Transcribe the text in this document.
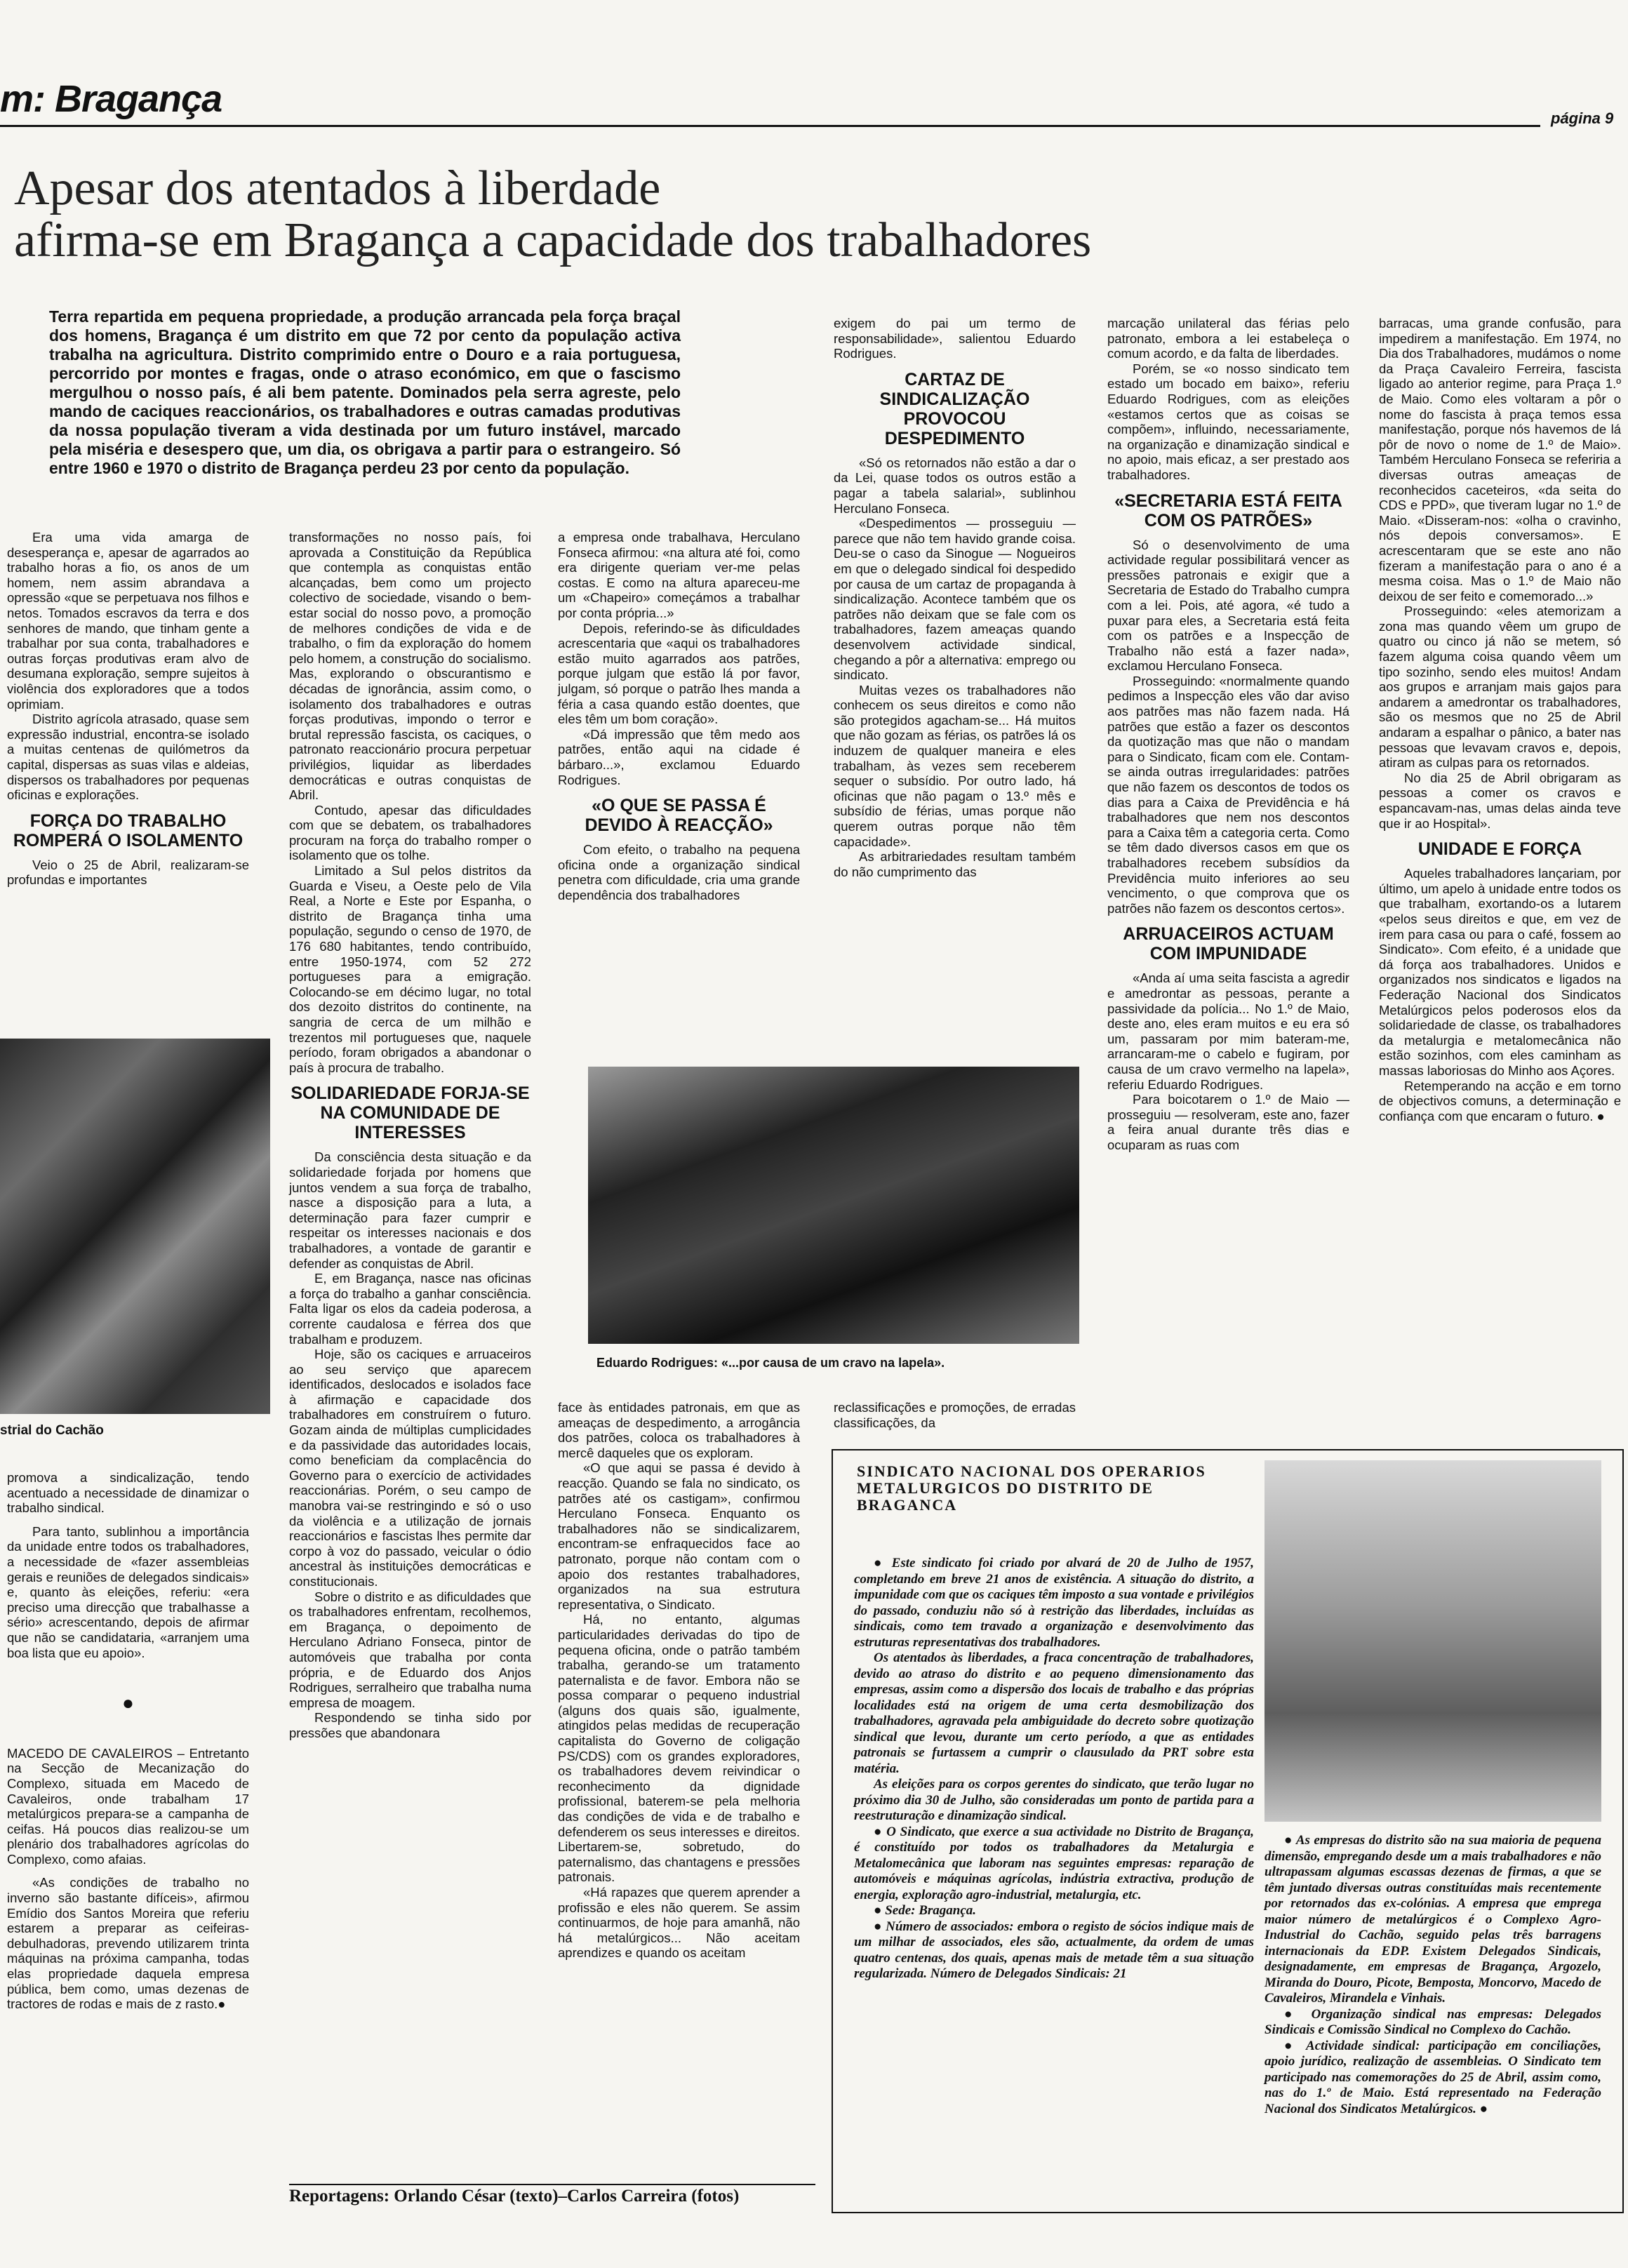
m: Bragança	página 9
Apesar dos atentados à liberdade
afirma-se em Bragança a capacidade dos trabalhadores
Terra repartida em pequena propriedade, a produção arrancada pela força braçal dos homens, Bragança é um distrito em que 72 por cento da população activa trabalha na agricultura. Distrito comprimido entre o Douro e a raia portuguesa, percorrido por montes e fragas, onde o atraso económico, em que o fascismo mergulhou o nosso país, é ali bem patente. Dominados pela serra agreste, pelo mando de caciques reaccionários, os trabalhadores e outras camadas produtivas da nossa população tiveram a vida destinada por um futuro instável, marcado pela miséria e desespero que, um dia, os obrigava a partir para o estrangeiro. Só entre 1960 e 1970 o distrito de Bragança perdeu 23 por cento da população.

Era uma vida amarga de desesperança e, apesar de agarrados ao trabalho horas a fio, os anos de um homem, nem assim abrandava a opressão «que se perpetuava nos filhos e netos. Tomados escravos da terra e dos senhores de mando, que tinham gente a trabalhar por sua conta, trabalhadores e outras forças produtivas eram alvo de desumana exploração, sempre sujeitos à violência dos exploradores que a todos oprimiam.

Distrito agrícola atrasado, quase sem expressão industrial, encontra-se isolado a muitas centenas de quilómetros da capital, dispersas as suas vilas e aldeias, dispersos os trabalhadores por pequenas oficinas e explorações.

FORÇA DO TRABALHO ROMPERÁ O ISOLAMENTO

Veio o 25 de Abril, realizaram-se profundas e importantes

strial do Cachão

promova a sindicalização, tendo acentuado a necessidade de dinamizar o trabalho sindical.

Para tanto, sublinhou a importância da unidade entre todos os trabalhadores, a necessidade de «fazer assembleias gerais e reuniões de delegados sindicais» e, quanto às eleições, referiu: «era preciso uma direcção que trabalhasse a sério» acrescentando, depois de afirmar que não se candidataria, «arranjem uma boa lista que eu apoio».

●

MACEDO DE CAVALEIROS – Entretanto na Secção de Mecanização do Complexo, situada em Macedo de Cavaleiros, onde trabalham 17 metalúrgicos prepara-se a campanha de ceifas. Há poucos dias realizou-se um plenário dos trabalhadores agrícolas do Complexo, como afaias.

«As condições de trabalho no inverno são bastante difíceis», afirmou Emídio dos Santos Moreira que referiu estarem a preparar as ceifeiras-debulhadoras, prevendo utilizarem trinta máquinas na próxima campanha, todas elas propriedade daquela empresa pública, bem como, umas dezenas de tractores de rodas e mais de z rasto.●

transformações no nosso país, foi aprovada a Constituição da República que contempla as conquistas então alcançadas, bem como um projecto colectivo de sociedade, visando o bem-estar social do nosso povo, a promoção de melhores condições de vida e de trabalho, o fim da exploração do homem pelo homem, a construção do socialismo. Mas, explorando o obscurantismo e décadas de ignorância, assim como, o isolamento dos trabalhadores e outras forças produtivas, impondo o terror e brutal repressão fascista, os caciques, o patronato reaccionário procura perpetuar privilégios, liquidar as liberdades democráticas e outras conquistas de Abril.

Contudo, apesar das dificuldades com que se debatem, os trabalhadores procuram na força do trabalho romper o isolamento que os tolhe.

Limitado a Sul pelos distritos da Guarda e Viseu, a Oeste pelo de Vila Real, a Norte e Este por Espanha, o distrito de Bragança tinha uma população, segundo o censo de 1970, de 176 680 habitantes, tendo contribuído, entre 1950-1974, com 52 272 portugueses para a emigração. Colocando-se em décimo lugar, no total dos dezoito distritos do continente, na sangria de cerca de um milhão e trezentos mil portugueses que, naquele período, foram obrigados a abandonar o país à procura de trabalho.

SOLIDARIEDADE FORJA-SE NA COMUNIDADE DE INTERESSES

Da consciência desta situação e da solidariedade forjada por homens que juntos vendem a sua força de trabalho, nasce a disposição para a luta, a determinação para fazer cumprir e respeitar os interesses nacionais e dos trabalhadores, a vontade de garantir e defender as conquistas de Abril.

E, em Bragança, nasce nas oficinas a força do trabalho a ganhar consciência. Falta ligar os elos da cadeia poderosa, a corrente caudalosa e férrea dos que trabalham e produzem.

Hoje, são os caciques e arruaceiros ao seu serviço que aparecem identificados, deslocados e isolados face à afirmação e capacidade dos trabalhadores em construírem o futuro. Gozam ainda de múltiplas cumplicidades e da passividade das autoridades locais, como beneficiam da complacência do Governo para o exercício de actividades reaccionárias. Porém, o seu campo de manobra vai-se restringindo e só o uso da violência e a utilização de jornais reaccionários e fascistas lhes permite dar corpo à voz do passado, veicular o ódio ancestral às instituições democráticas e constitucionais.

Sobre o distrito e as dificuldades que os trabalhadores enfrentam, recolhemos, em Bragança, o depoimento de Herculano Adriano Fonseca, pintor de automóveis que trabalha por conta própria, e de Eduardo dos Anjos Rodrigues, serralheiro que trabalha numa empresa de moagem.

Respondendo se tinha sido por pressões que abandonara

a empresa onde trabalhava, Herculano Fonseca afirmou: «na altura até foi, como era dirigente queriam ver-me pelas costas. E como na altura apareceu-me um «Chapeiro» começámos a trabalhar por conta própria...»

Depois, referindo-se às dificuldades acrescentaria que «aqui os trabalhadores estão muito agarrados aos patrões, porque julgam que estão lá por favor, julgam, só porque o patrão lhes manda a féria a casa quando estão doentes, que eles têm um bom coração».

«Dá impressão que têm medo aos patrões, então aqui na cidade é bárbaro...», exclamou Eduardo Rodrigues.

«O QUE SE PASSA É DEVIDO À REACÇÃO»

Com efeito, o trabalho na pequena oficina onde a organização sindical penetra com dificuldade, cria uma grande dependência dos trabalhadores

Eduardo Rodrigues: «...por causa de um cravo na lapela».

face às entidades patronais, em que as ameaças de despedimento, a arrogância dos patrões, coloca os trabalhadores à mercê daqueles que os exploram.

«O que aqui se passa é devido à reacção. Quando se fala no sindicato, os patrões até os castigam», confirmou Herculano Fonseca. Enquanto os trabalhadores não se sindicalizarem, encontram-se enfraquecidos face ao patronato, porque não contam com o apoio dos restantes trabalhadores, organizados na sua estrutura representativa, o Sindicato.

Há, no entanto, algumas particularidades derivadas do tipo de pequena oficina, onde o patrão também trabalha, gerando-se um tratamento paternalista e de favor. Embora não se possa comparar o pequeno industrial (alguns dos quais são, igualmente, atingidos pelas medidas de recuperação capitalista do Governo de coligação PS/CDS) com os grandes exploradores, os trabalhadores devem reivindicar o reconhecimento da dignidade profissional, baterem-se pela melhoria das condições de vida e de trabalho e defenderem os seus interesses e direitos. Libertarem-se, sobretudo, do paternalismo, das chantagens e pressões patronais.

«Há rapazes que querem aprender a profissão e eles não querem. Se assim continuarmos, de hoje para amanhã, não há metalúrgicos... Não aceitam aprendizes e quando os aceitam

exigem do pai um termo de responsabilidade», salientou Eduardo Rodrigues.

CARTAZ DE SINDICALIZAÇÃO PROVOCOU DESPEDIMENTO

«Só os retornados não estão a dar o da Lei, quase todos os outros estão a pagar a tabela salarial», sublinhou Herculano Fonseca.

«Despedimentos — prosseguiu — parece que não tem havido grande coisa. Deu-se o caso da Sinogue — Nogueiros em que o delegado sindical foi despedido por causa de um cartaz de propaganda à sindicalização. Acontece também que os patrões não deixam que se fale com os trabalhadores, fazem ameaças quando desenvolvem actividade sindical, chegando a pôr a alternativa: emprego ou sindicato.

Muitas vezes os trabalhadores não conhecem os seus direitos e como não são protegidos agacham-se... Há muitos que não gozam as férias, os patrões lá os induzem de qualquer maneira e eles trabalham, às vezes sem receberem sequer o subsídio. Por outro lado, há oficinas que não pagam o 13.º mês e subsídio de férias, umas porque não querem outras porque não têm capacidade».

As arbitrariedades resultam também do não cumprimento das

reclassificações e promoções, de erradas classificações, da

marcação unilateral das férias pelo patronato, embora a lei estabeleça o comum acordo, e da falta de liberdades.

Porém, se «o nosso sindicato tem estado um bocado em baixo», referiu Eduardo Rodrigues, com as eleições «estamos certos que as coisas se compõem», influindo, necessariamente, na organização e dinamização sindical e no apoio, mais eficaz, a ser prestado aos trabalhadores.

«SECRETARIA ESTÁ FEITA COM OS PATRÕES»

Só o desenvolvimento de uma actividade regular possibilitará vencer as pressões patronais e exigir que a Secretaria de Estado do Trabalho cumpra com a lei. Pois, até agora, «é tudo a puxar para eles, a Secretaria está feita com os patrões e a Inspecção de Trabalho não está a fazer nada», exclamou Herculano Fonseca.

Prosseguindo: «normalmente quando pedimos a Inspecção eles vão dar aviso aos patrões mas não fazem nada. Há patrões que estão a fazer os descontos da quotização mas que não o mandam para o Sindicato, ficam com ele. Contam-se ainda outras irregularidades: patrões que não fazem os descontos de todos os dias para a Caixa de Previdência e há trabalhadores que nem nos descontos para a Caixa têm a categoria certa. Como se têm dado diversos casos em que os trabalhadores recebem subsídios da Previdência muito inferiores ao seu vencimento, o que comprova que os patrões não fazem os descontos certos».

ARRUACEIROS ACTUAM COM IMPUNIDADE

«Anda aí uma seita fascista a agredir e amedrontar as pessoas, perante a passividade da polícia... No 1.º de Maio, deste ano, eles eram muitos e eu era só um, passaram por mim bateram-me, arrancaram-me o cabelo e fugiram, por causa de um cravo vermelho na lapela», referiu Eduardo Rodrigues.

Para boicotarem o 1.º de Maio — prosseguiu — resolveram, este ano, fazer a feira anual durante três dias e ocuparam as ruas com

barracas, uma grande confusão, para impedirem a manifestação. Em 1974, no Dia dos Trabalhadores, mudámos o nome da Praça Cavaleiro Ferreira, fascista ligado ao anterior regime, para Praça 1.º de Maio. Como eles voltaram a pôr o nome do fascista à praça temos essa manifestação, porque nós havemos de lá pôr de novo o nome de 1.º de Maio». Também Herculano Fonseca se referiria a diversas outras ameaças de reconhecidos caceteiros, «da seita do CDS e PPD», que tiveram lugar no 1.º de Maio. «Disseram-nos: «olha o cravinho, nós depois conversamos». E acrescentaram que se este ano não fizeram a manifestação para o ano é a mesma coisa. Mas o 1.º de Maio não deixou de ser feito e comemorado...»

Prosseguindo: «eles atemorizam a zona mas quando vêem um grupo de quatro ou cinco já não se metem, só fazem alguma coisa quando vêem um tipo sozinho, sendo eles muitos! Andam aos grupos e arranjam mais gajos para andarem a amedrontar os trabalhadores, são os mesmos que no 25 de Abril andaram a espalhar o pânico, a bater nas pessoas que levavam cravos e, depois, atiram as culpas para os retornados.

No dia 25 de Abril obrigaram as pessoas a comer os cravos e espancavam-nas, umas delas ainda teve que ir ao Hospital».

UNIDADE E FORÇA

Aqueles trabalhadores lançariam, por último, um apelo à unidade entre todos os que trabalham, exortando-os a lutarem «pelos seus direitos e que, em vez de irem para casa ou para o café, fossem ao Sindicato». Com efeito, é a unidade que dá força aos trabalhadores. Unidos e organizados nos sindicatos e ligados na Federação Nacional dos Sindicatos Metalúrgicos pelos poderosos elos da solidariedade de classe, os trabalhadores da metalurgia e metalomecânica não estão sozinhos, com eles caminham as massas laboriosas do Minho aos Açores.

Retemperando na acção e em torno de objectivos comuns, a determinação e confiança com que encaram o futuro. ●

SINDICATO NACIONAL DOS OPERARIOS METALURGICOS DO DISTRITO DE BRAGANCA

● Este sindicato foi criado por alvará de 20 de Julho de 1957, completando em breve 21 anos de existência. A situação do distrito, a impunidade com que os caciques têm imposto a sua vontade e privilégios do passado, conduziu não só à restrição das liberdades, incluídas as sindicais, como tem travado a organização e desenvolvimento das estruturas representativas dos trabalhadores.

Os atentados às liberdades, a fraca concentração de trabalhadores, devido ao atraso do distrito e ao pequeno dimensionamento das empresas, assim como a dispersão dos locais de trabalho e das próprias localidades está na origem de uma certa desmobilização dos trabalhadores, agravada pela ambiguidade do decreto sobre quotização sindical que levou, durante um certo período, a que as entidades patronais se furtassem a cumprir o clausulado da PRT sobre esta matéria.

As eleições para os corpos gerentes do sindicato, que terão lugar no próximo dia 30 de Julho, são consideradas um ponto de partida para a reestruturação e dinamização sindical.

● O Sindicato, que exerce a sua actividade no Distrito de Bragança, é constituído por todos os trabalhadores da Metalurgia e Metalomecânica que laboram nas seguintes empresas: reparação de automóveis e máquinas agrícolas, indústria extractiva, produção de energia, exploração agro-industrial, metalurgia, etc.

● Sede: Bragança.

● Número de associados: embora o registo de sócios indique mais de um milhar de associados, eles são, actualmente, da ordem de umas quatro centenas, dos quais, apenas mais de metade têm a sua situação regularizada. Número de Delegados Sindicais: 21

● As empresas do distrito são na sua maioria de pequena dimensão, empregando desde um a mais trabalhadores e não ultrapassam algumas escassas dezenas de firmas, a que se têm juntado diversas outras constituídas mais recentemente por retornados das ex-colónias. A empresa que emprega maior número de metalúrgicos é o Complexo Agro-Industrial do Cachão, seguido pelas três barragens internacionais da EDP. Existem Delegados Sindicais, designadamente, em empresas de Bragança, Argozelo, Miranda do Douro, Picote, Bemposta, Moncorvo, Macedo de Cavaleiros, Mirandela e Vinhais.

● Organização sindical nas empresas: Delegados Sindicais e Comissão Sindical no Complexo do Cachão.

● Actividade sindical: participação em conciliações, apoio jurídico, realização de assembleias. O Sindicato tem participado nas comemorações do 25 de Abril, assim como, nas do 1.º de Maio. Está representado na Federação Nacional dos Sindicatos Metalúrgicos. ●

Reportagens: Orlando César (texto)–Carlos Carreira (fotos)
